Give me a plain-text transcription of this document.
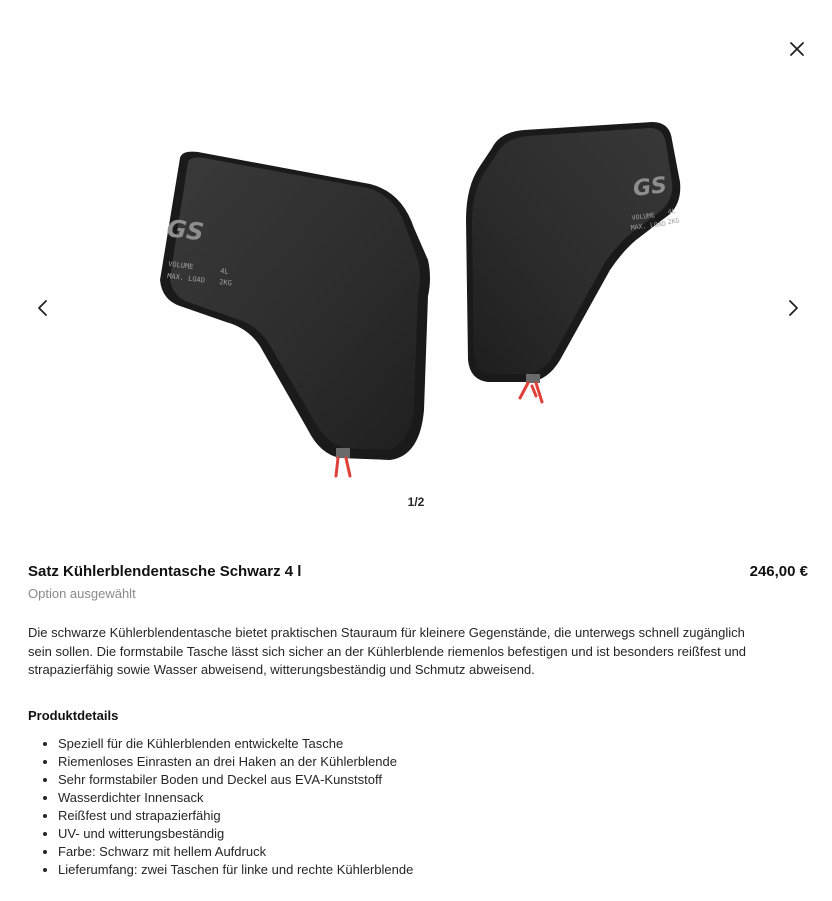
GS
VOLUME
MAX. LOAD
4L
2KG
GS
VOLUME
MAX. LOAD
4L
2KG
1/2
Satz Kühlerblendentasche Schwarz 4 l	246,00 €
Option ausgewählt

Die schwarze Kühlerblendentasche bietet praktischen Stauraum für kleinere Gegenstände, die unterwegs schnell zugänglich sein sollen. Die formstabile Tasche lässt sich sicher an der Kühlerblende riemenlos befestigen und ist besonders reißfest und strapazierfähig sowie Wasser abweisend, witterungsbeständig und Schmutz abweisend.

Produktdetails
• Speziell für die Kühlerblenden entwickelte Tasche
• Riemenloses Einrasten an drei Haken an der Kühlerblende
• Sehr formstabiler Boden und Deckel aus EVA-Kunststoff
• Wasserdichter Innensack
• Reißfest und strapazierfähig
• UV- und witterungsbeständig
• Farbe: Schwarz mit hellem Aufdruck
• Lieferumfang: zwei Taschen für linke und rechte Kühlerblende
